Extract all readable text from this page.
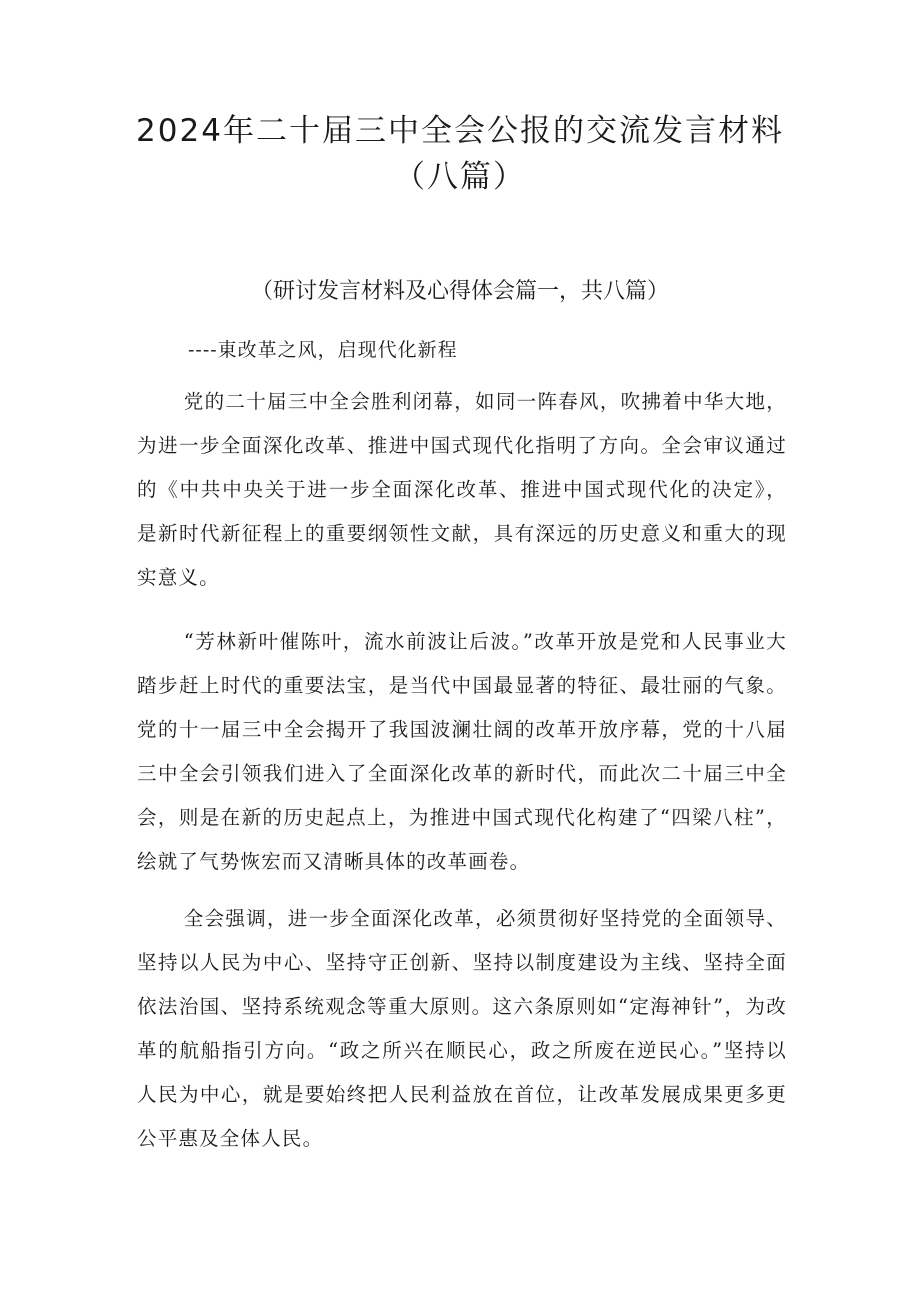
2024年二十届三中全会公报的交流发言材料（八篇）

（研讨发言材料及心得体会篇一，共八篇）

----東改革之风，启现代化新程

党的二十届三中全会胜利闭幕，如同一阵春风，吹拂着中华大地，为进一步全面深化改革、推进中国式现代化指明了方向。全会审议通过的《中共中央关于进一步全面深化改革、推进中国式现代化的决定》，是新时代新征程上的重要纲领性文献，具有深远的历史意义和重大的现实意义。

“芳林新叶催陈叶，流水前波让后波。”改革开放是党和人民事业大踏步赶上时代的重要法宝，是当代中国最显著的特征、最壮丽的气象。党的十一届三中全会揭开了我国波澜壮阔的改革开放序幕，党的十八届三中全会引领我们进入了全面深化改革的新时代，而此次二十届三中全会，则是在新的历史起点上，为推进中国式现代化构建了“四梁八柱”，绘就了气势恢宏而又清晰具体的改革画卷。

全会强调，进一步全面深化改革，必须贯彻好坚持党的全面领导、坚持以人民为中心、坚持守正创新、坚持以制度建设为主线、坚持全面依法治国、坚持系统观念等重大原则。这六条原则如“定海神针”，为改革的航船指引方向。“政之所兴在顺民心，政之所废在逆民心。”坚持以人民为中心，就是要始终把人民利益放在首位，让改革发展成果更多更公平惠及全体人民。
